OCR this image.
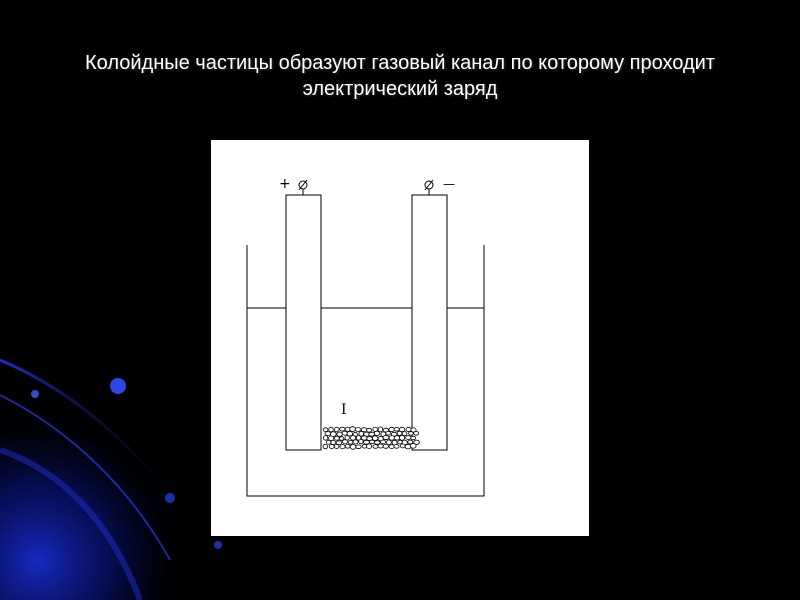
Колойдные частицы образуют газовый канал по которому проходит
электрический заряд
+	—
I
